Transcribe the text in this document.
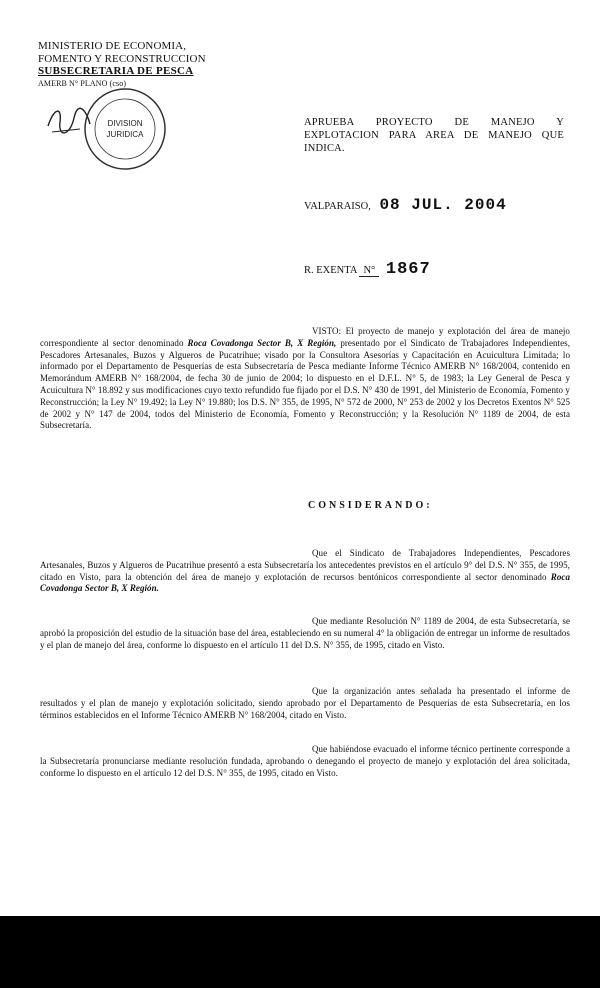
MINISTERIO DE ECONOMIA,
FOMENTO Y RECONSTRUCCION
SUBSECRETARIA DE PESCA
AMERB N° PLANO (cso)
DIVISION
JURIDICA
APRUEBA PROYECTO DE MANEJO Y EXPLOTACION PARA AREA DE MANEJO QUE INDICA.
VALPARAISO, 08 JUL. 2004
R. EXENTA N° 1867
VISTO: El proyecto de manejo y explotación del área de manejo correspondiente al sector denominado Roca Covadonga Sector B, X Región, presentado por el Sindicato de Trabajadores Independientes, Pescadores Artesanales, Buzos y Algueros de Pucatrihue; visado por la Consultora Asesorías y Capacitación en Acuicultura Limitada; lo informado por el Departamento de Pesquerías de esta Subsecretaría de Pesca mediante Informe Técnico AMERB N° 168/2004, contenido en Memorándum AMERB N° 168/2004, de fecha 30 de junio de 2004; lo dispuesto en el D.F.L. N° 5, de 1983; la Ley General de Pesca y Acuicultura N° 18.892 y sus modificaciones cuyo texto refundido fue fijado por el D.S. N° 430 de 1991, del Ministerio de Economía, Fomento y Reconstrucción; la Ley N° 19.492; la Ley N° 19.880; los D.S. N° 355, de 1995, N° 572 de 2000, N° 253 de 2002 y los Decretos Exentos N° 525 de 2002 y N° 147 de 2004, todos del Ministerio de Economía, Fomento y Reconstrucción; y la Resolución N° 1189 de 2004, de esta Subsecretaría.
CONSIDERANDO:
Que el Sindicato de Trabajadores Independientes, Pescadores Artesanales, Buzos y Algueros de Pucatrihue presentó a esta Subsecretaría los antecedentes previstos en el artículo 9° del D.S. N° 355, de 1995, citado en Visto, para la obtención del área de manejo y explotación de recursos bentónicos correspondiente al sector denominado Roca Covadonga Sector B, X Región.
Que mediante Resolución N° 1189 de 2004, de esta Subsecretaría, se aprobó la proposición del estudio de la situación base del área, estableciendo en su numeral 4° la obligación de entregar un informe de resultados y el plan de manejo del área, conforme lo dispuesto en el artículo 11 del D.S. N° 355, de 1995, citado en Visto.
Que la organización antes señalada ha presentado el informe de resultados y el plan de manejo y explotación solicitado, siendo aprobado por el Departamento de Pesquerías de esta Subsecretaría, en los términos establecidos en el Informe Técnico AMERB N° 168/2004, citado en Visto.
Que habiéndose evacuado el informe técnico pertinente corresponde a la Subsecretaría pronunciarse mediante resolución fundada, aprobando o denegando el proyecto de manejo y explotación del área solicitada, conforme lo dispuesto en el artículo 12 del D.S. N° 355, de 1995, citado en Visto.
